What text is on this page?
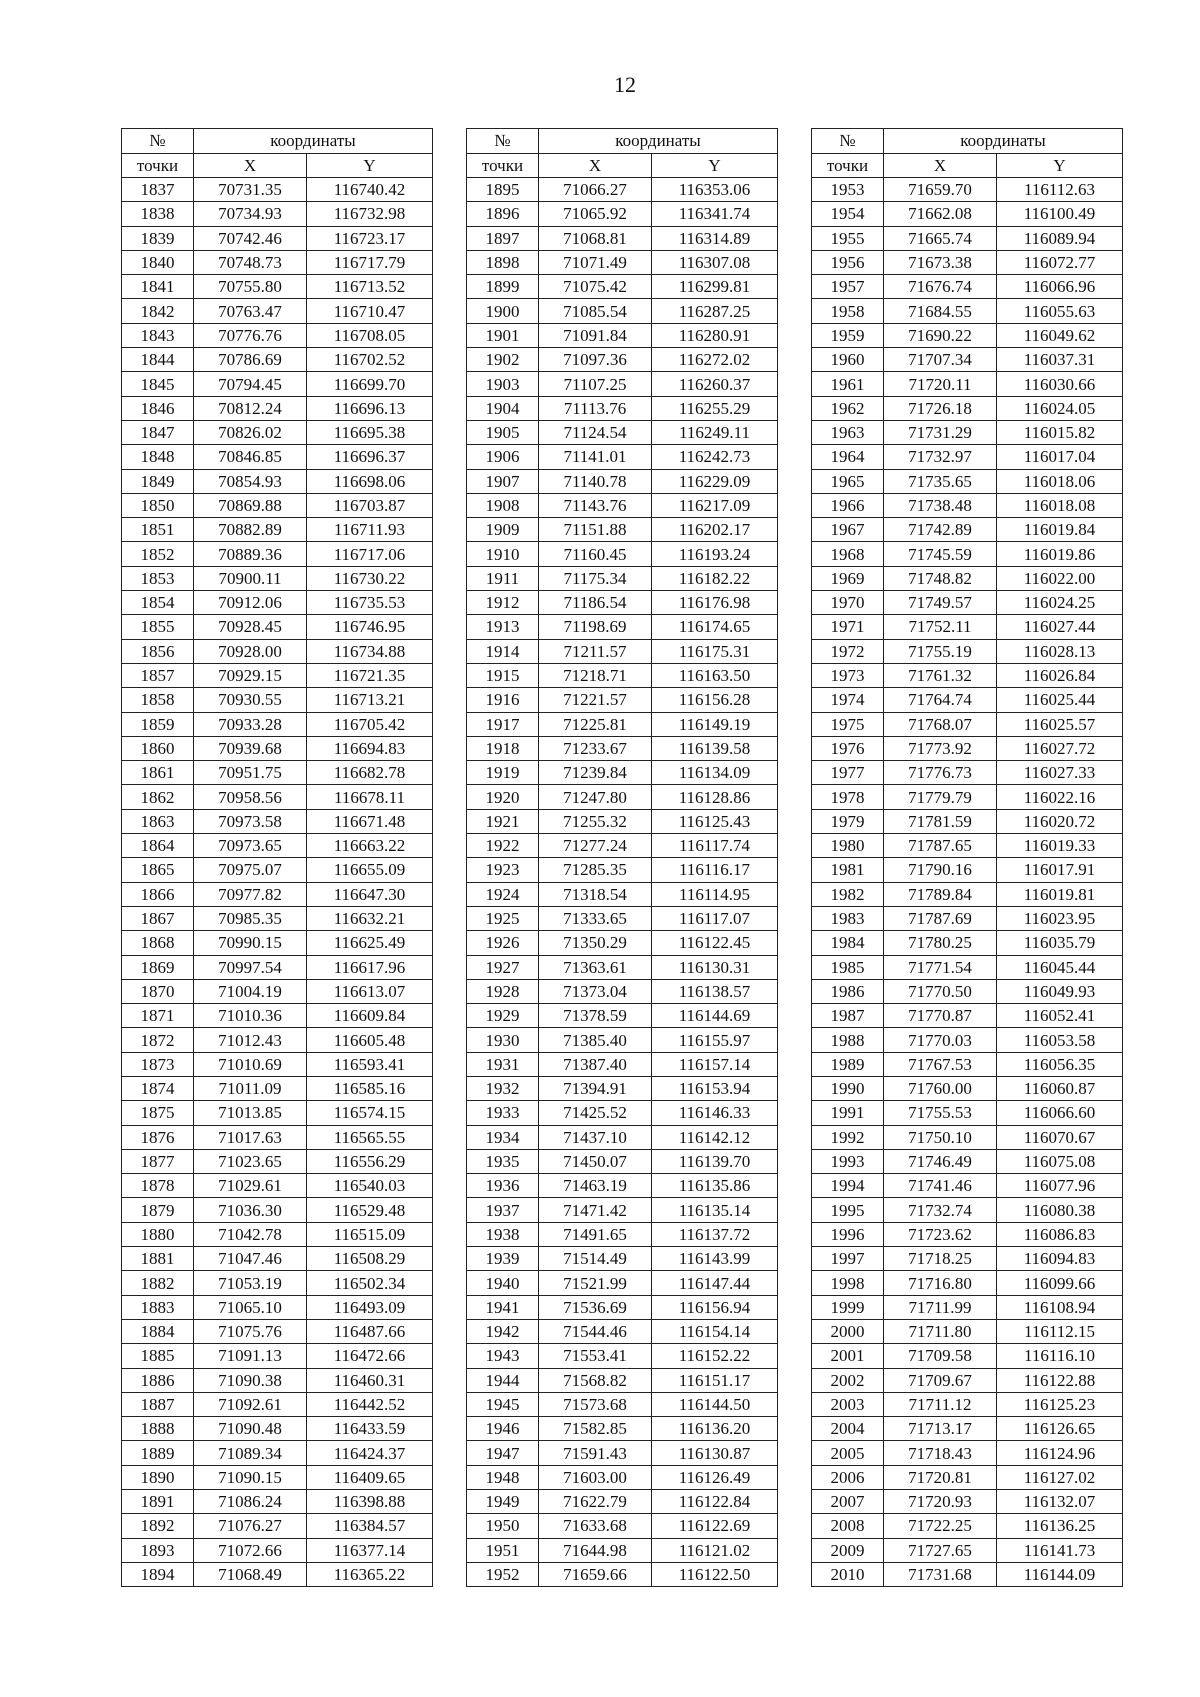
12
№	координаты	
точки	X	Y
1837	70731.35	116740.42
1838	70734.93	116732.98
1839	70742.46	116723.17
1840	70748.73	116717.79
1841	70755.80	116713.52
1842	70763.47	116710.47
1843	70776.76	116708.05
1844	70786.69	116702.52
1845	70794.45	116699.70
1846	70812.24	116696.13
1847	70826.02	116695.38
1848	70846.85	116696.37
1849	70854.93	116698.06
1850	70869.88	116703.87
1851	70882.89	116711.93
1852	70889.36	116717.06
1853	70900.11	116730.22
1854	70912.06	116735.53
1855	70928.45	116746.95
1856	70928.00	116734.88
1857	70929.15	116721.35
1858	70930.55	116713.21
1859	70933.28	116705.42
1860	70939.68	116694.83
1861	70951.75	116682.78
1862	70958.56	116678.11
1863	70973.58	116671.48
1864	70973.65	116663.22
1865	70975.07	116655.09
1866	70977.82	116647.30
1867	70985.35	116632.21
1868	70990.15	116625.49
1869	70997.54	116617.96
1870	71004.19	116613.07
1871	71010.36	116609.84
1872	71012.43	116605.48
1873	71010.69	116593.41
1874	71011.09	116585.16
1875	71013.85	116574.15
1876	71017.63	116565.55
1877	71023.65	116556.29
1878	71029.61	116540.03
1879	71036.30	116529.48
1880	71042.78	116515.09
1881	71047.46	116508.29
1882	71053.19	116502.34
1883	71065.10	116493.09
1884	71075.76	116487.66
1885	71091.13	116472.66
1886	71090.38	116460.31
1887	71092.61	116442.52
1888	71090.48	116433.59
1889	71089.34	116424.37
1890	71090.15	116409.65
1891	71086.24	116398.88
1892	71076.27	116384.57
1893	71072.66	116377.14
1894	71068.49	116365.22
№	координаты	
точки	X	Y
1895	71066.27	116353.06
1896	71065.92	116341.74
1897	71068.81	116314.89
1898	71071.49	116307.08
1899	71075.42	116299.81
1900	71085.54	116287.25
1901	71091.84	116280.91
1902	71097.36	116272.02
1903	71107.25	116260.37
1904	71113.76	116255.29
1905	71124.54	116249.11
1906	71141.01	116242.73
1907	71140.78	116229.09
1908	71143.76	116217.09
1909	71151.88	116202.17
1910	71160.45	116193.24
1911	71175.34	116182.22
1912	71186.54	116176.98
1913	71198.69	116174.65
1914	71211.57	116175.31
1915	71218.71	116163.50
1916	71221.57	116156.28
1917	71225.81	116149.19
1918	71233.67	116139.58
1919	71239.84	116134.09
1920	71247.80	116128.86
1921	71255.32	116125.43
1922	71277.24	116117.74
1923	71285.35	116116.17
1924	71318.54	116114.95
1925	71333.65	116117.07
1926	71350.29	116122.45
1927	71363.61	116130.31
1928	71373.04	116138.57
1929	71378.59	116144.69
1930	71385.40	116155.97
1931	71387.40	116157.14
1932	71394.91	116153.94
1933	71425.52	116146.33
1934	71437.10	116142.12
1935	71450.07	116139.70
1936	71463.19	116135.86
1937	71471.42	116135.14
1938	71491.65	116137.72
1939	71514.49	116143.99
1940	71521.99	116147.44
1941	71536.69	116156.94
1942	71544.46	116154.14
1943	71553.41	116152.22
1944	71568.82	116151.17
1945	71573.68	116144.50
1946	71582.85	116136.20
1947	71591.43	116130.87
1948	71603.00	116126.49
1949	71622.79	116122.84
1950	71633.68	116122.69
1951	71644.98	116121.02
1952	71659.66	116122.50
№	координаты	
точки	X	Y
1953	71659.70	116112.63
1954	71662.08	116100.49
1955	71665.74	116089.94
1956	71673.38	116072.77
1957	71676.74	116066.96
1958	71684.55	116055.63
1959	71690.22	116049.62
1960	71707.34	116037.31
1961	71720.11	116030.66
1962	71726.18	116024.05
1963	71731.29	116015.82
1964	71732.97	116017.04
1965	71735.65	116018.06
1966	71738.48	116018.08
1967	71742.89	116019.84
1968	71745.59	116019.86
1969	71748.82	116022.00
1970	71749.57	116024.25
1971	71752.11	116027.44
1972	71755.19	116028.13
1973	71761.32	116026.84
1974	71764.74	116025.44
1975	71768.07	116025.57
1976	71773.92	116027.72
1977	71776.73	116027.33
1978	71779.79	116022.16
1979	71781.59	116020.72
1980	71787.65	116019.33
1981	71790.16	116017.91
1982	71789.84	116019.81
1983	71787.69	116023.95
1984	71780.25	116035.79
1985	71771.54	116045.44
1986	71770.50	116049.93
1987	71770.87	116052.41
1988	71770.03	116053.58
1989	71767.53	116056.35
1990	71760.00	116060.87
1991	71755.53	116066.60
1992	71750.10	116070.67
1993	71746.49	116075.08
1994	71741.46	116077.96
1995	71732.74	116080.38
1996	71723.62	116086.83
1997	71718.25	116094.83
1998	71716.80	116099.66
1999	71711.99	116108.94
2000	71711.80	116112.15
2001	71709.58	116116.10
2002	71709.67	116122.88
2003	71711.12	116125.23
2004	71713.17	116126.65
2005	71718.43	116124.96
2006	71720.81	116127.02
2007	71720.93	116132.07
2008	71722.25	116136.25
2009	71727.65	116141.73
2010	71731.68	116144.09
